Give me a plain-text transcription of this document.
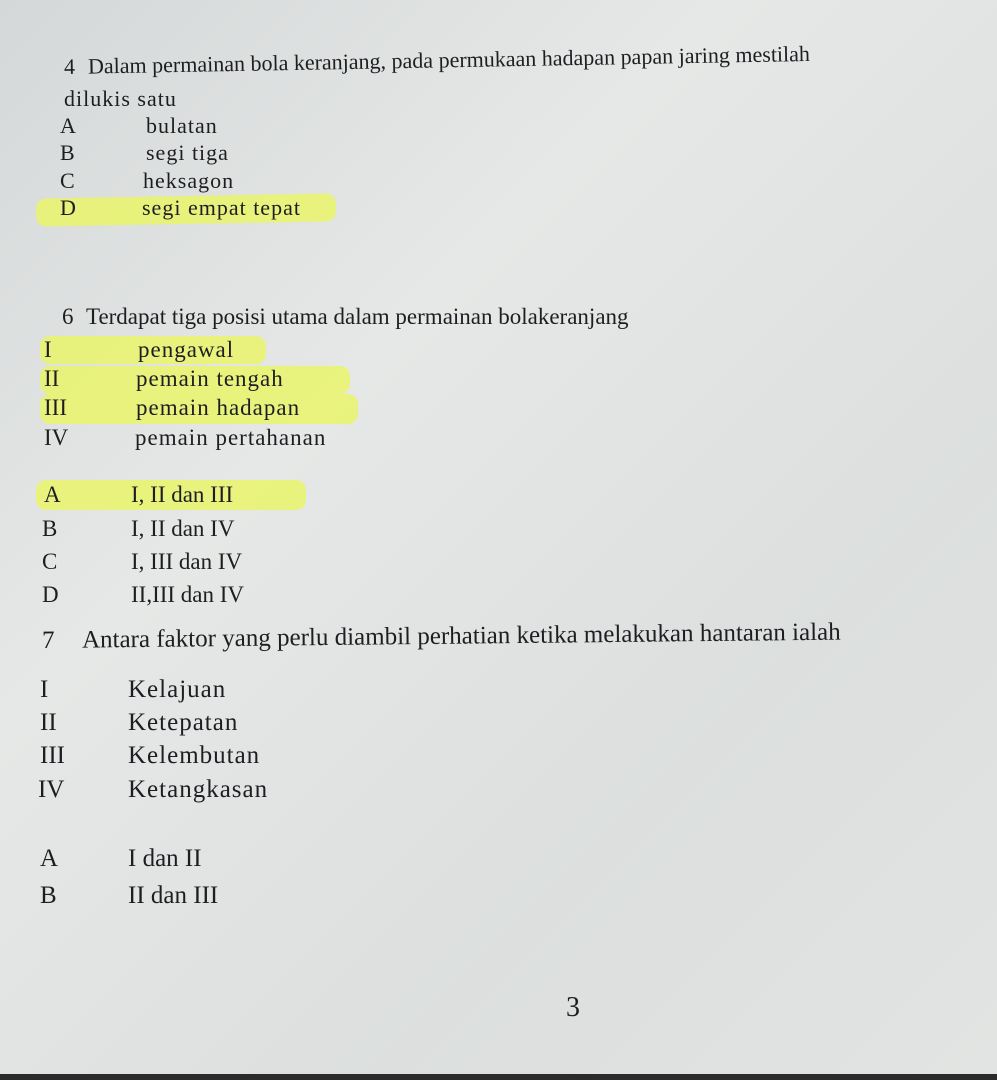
4 Dalam permainan bola keranjang, pada permukaan hadapan papan jaring mestilah
dilukis satu
A	bulatan
B	segi tiga
C	heksagon
D	segi empat tepat
6 Terdapat tiga posisi utama dalam permainan bolakeranjang
I	pengawal
II	pemain tengah
III	pemain hadapan
IV	pemain pertahanan
A	I, II dan III
B	I, II dan IV
C	I, III dan IV
D	II,III dan IV
7 Antara faktor yang perlu diambil perhatian ketika melakukan hantaran ialah
I	Kelajuan
II	Ketepatan
III	Kelembutan
IV	Ketangkasan
A	I dan II
B	II dan III
3
